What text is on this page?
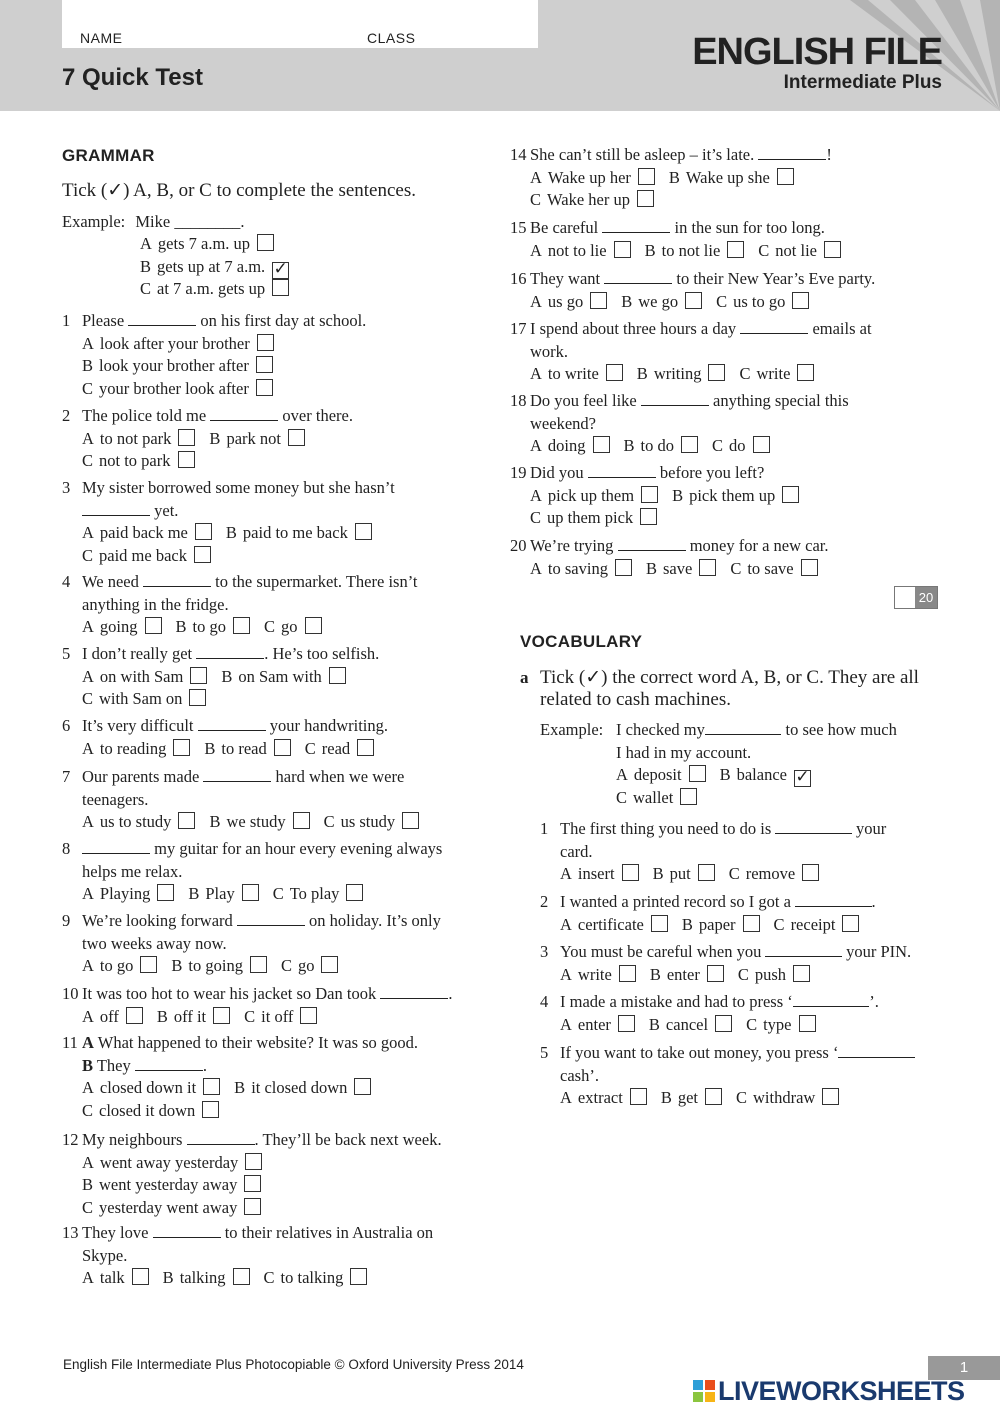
NAME	CLASS
7 Quick Test
ENGLISH FILE
Intermediate Plus
GRAMMAR
Tick (✓) A, B, or C to complete the sentences.
Example: Mike ________.
A gets 7 a.m. up
B gets up at 7 a.m. ✓
C at 7 a.m. gets up
1 Please	on his first day at school.
A look after your brother
B look your brother after
C your brother look after
2 The police told me	over there.
A to not park B park not
C not to park
3 My sister borrowed some money but she hasn’t
yet.
A paid back me B paid to me back
C paid me back
4 We need	to the supermarket. There isn’t
anything in the fridge.
A going B to go C go
5 I don’t really get	. He’s too selfish.
A on with Sam B on Sam with
C with Sam on
6 It’s very difficult	your handwriting.
A to reading B to read C read
7 Our parents made	hard when we were
teenagers.
A us to study B we study C us study
8	my guitar for an hour every evening always
helps me relax.
A Playing B Play C To play
9 We’re looking forward	on holiday. It’s only
two weeks away now.
A to go B to going C go
10 It was too hot to wear his jacket so Dan took	.
A off B off it C it off
11 A What happened to their website? It was so good.
B They	.
A closed down it B it closed down
C closed it down
12 My neighbours	. They’ll be back next week.
A went away yesterday
B went yesterday away
C yesterday went away
13 They love	to their relatives in Australia on
Skype.
A talk B talking C to talking
14 She can’t still be asleep – it’s late.	!
A Wake up her B Wake up she
C Wake her up
15 Be careful	in the sun for too long.
A not to lie B to not lie C not lie
16 They want	to their New Year’s Eve party.
A us go B we go C us to go
17 I spend about three hours a day	emails at
work.
A to write B writing C write
18 Do you feel like	anything special this
weekend?
A doing B to do C do
19 Did you	before you left?
A pick up them B pick them up
C up them pick
20 We’re trying	money for a new car.
A to saving B save C to save
20
VOCABULARY
a Tick (✓) the correct word A, B, or C. They are all
related to cash machines.
Example: I checked my	to see how much
I had in my account.
A deposit B balance ✓
C wallet
1 The first thing you need to do is	your
card.
A insert B put C remove
2 I wanted a printed record so I got a	.
A certificate B paper C receipt
3 You must be careful when you	your PIN.
A write B enter C push
4 I made a mistake and had to press ‘	’.
A enter B cancel C type
5 If you want to take out money, you press ‘
cash’.
A extract B get C withdraw
English File Intermediate Plus Photocopiable © Oxford University Press 2014	1
LIVEWORKSHEETS
